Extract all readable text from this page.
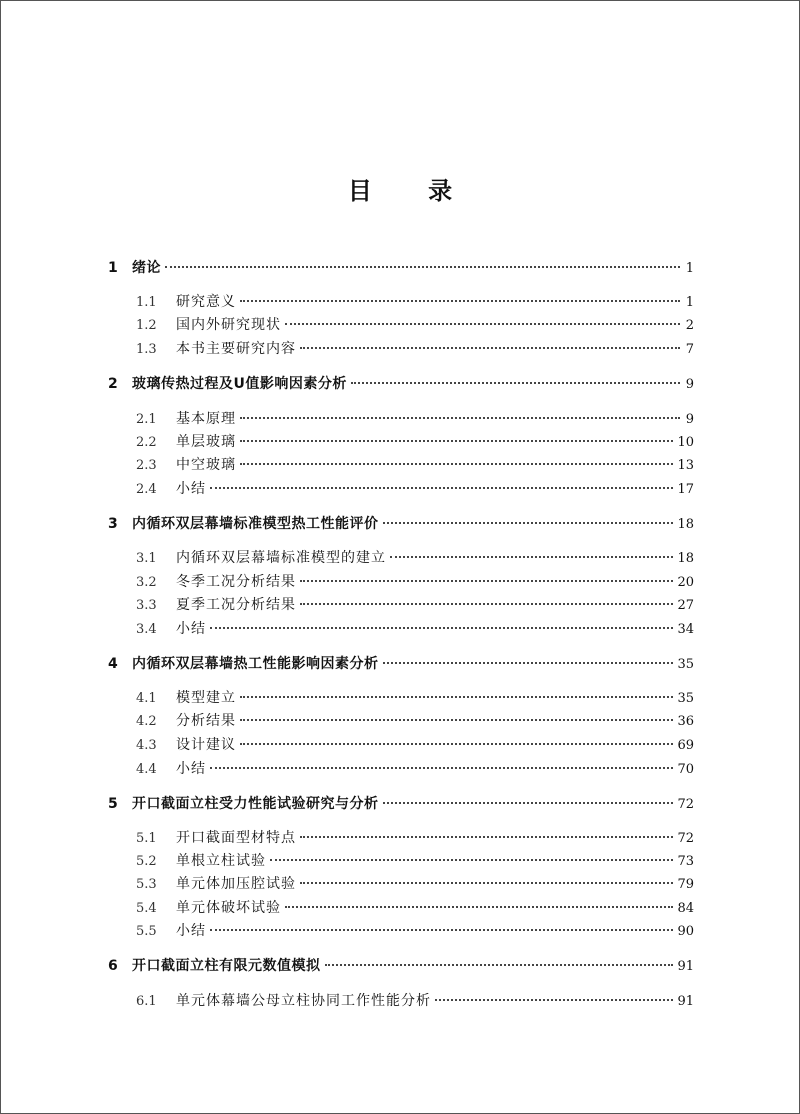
目 录
1	绪论	1
1.1	研究意义	1
1.2	国内外研究现状	2
1.3	本书主要研究内容	7
2	玻璃传热过程及U值影响因素分析	9
2.1	基本原理	9
2.2	单层玻璃	10
2.3	中空玻璃	13
2.4	小结	17
3	内循环双层幕墙标准模型热工性能评价	18
3.1	内循环双层幕墙标准模型的建立	18
3.2	冬季工况分析结果	20
3.3	夏季工况分析结果	27
3.4	小结	34
4	内循环双层幕墙热工性能影响因素分析	35
4.1	模型建立	35
4.2	分析结果	36
4.3	设计建议	69
4.4	小结	70
5	开口截面立柱受力性能试验研究与分析	72
5.1	开口截面型材特点	72
5.2	单根立柱试验	73
5.3	单元体加压腔试验	79
5.4	单元体破坏试验	84
5.5	小结	90
6	开口截面立柱有限元数值模拟	91
6.1	单元体幕墙公母立柱协同工作性能分析	91
